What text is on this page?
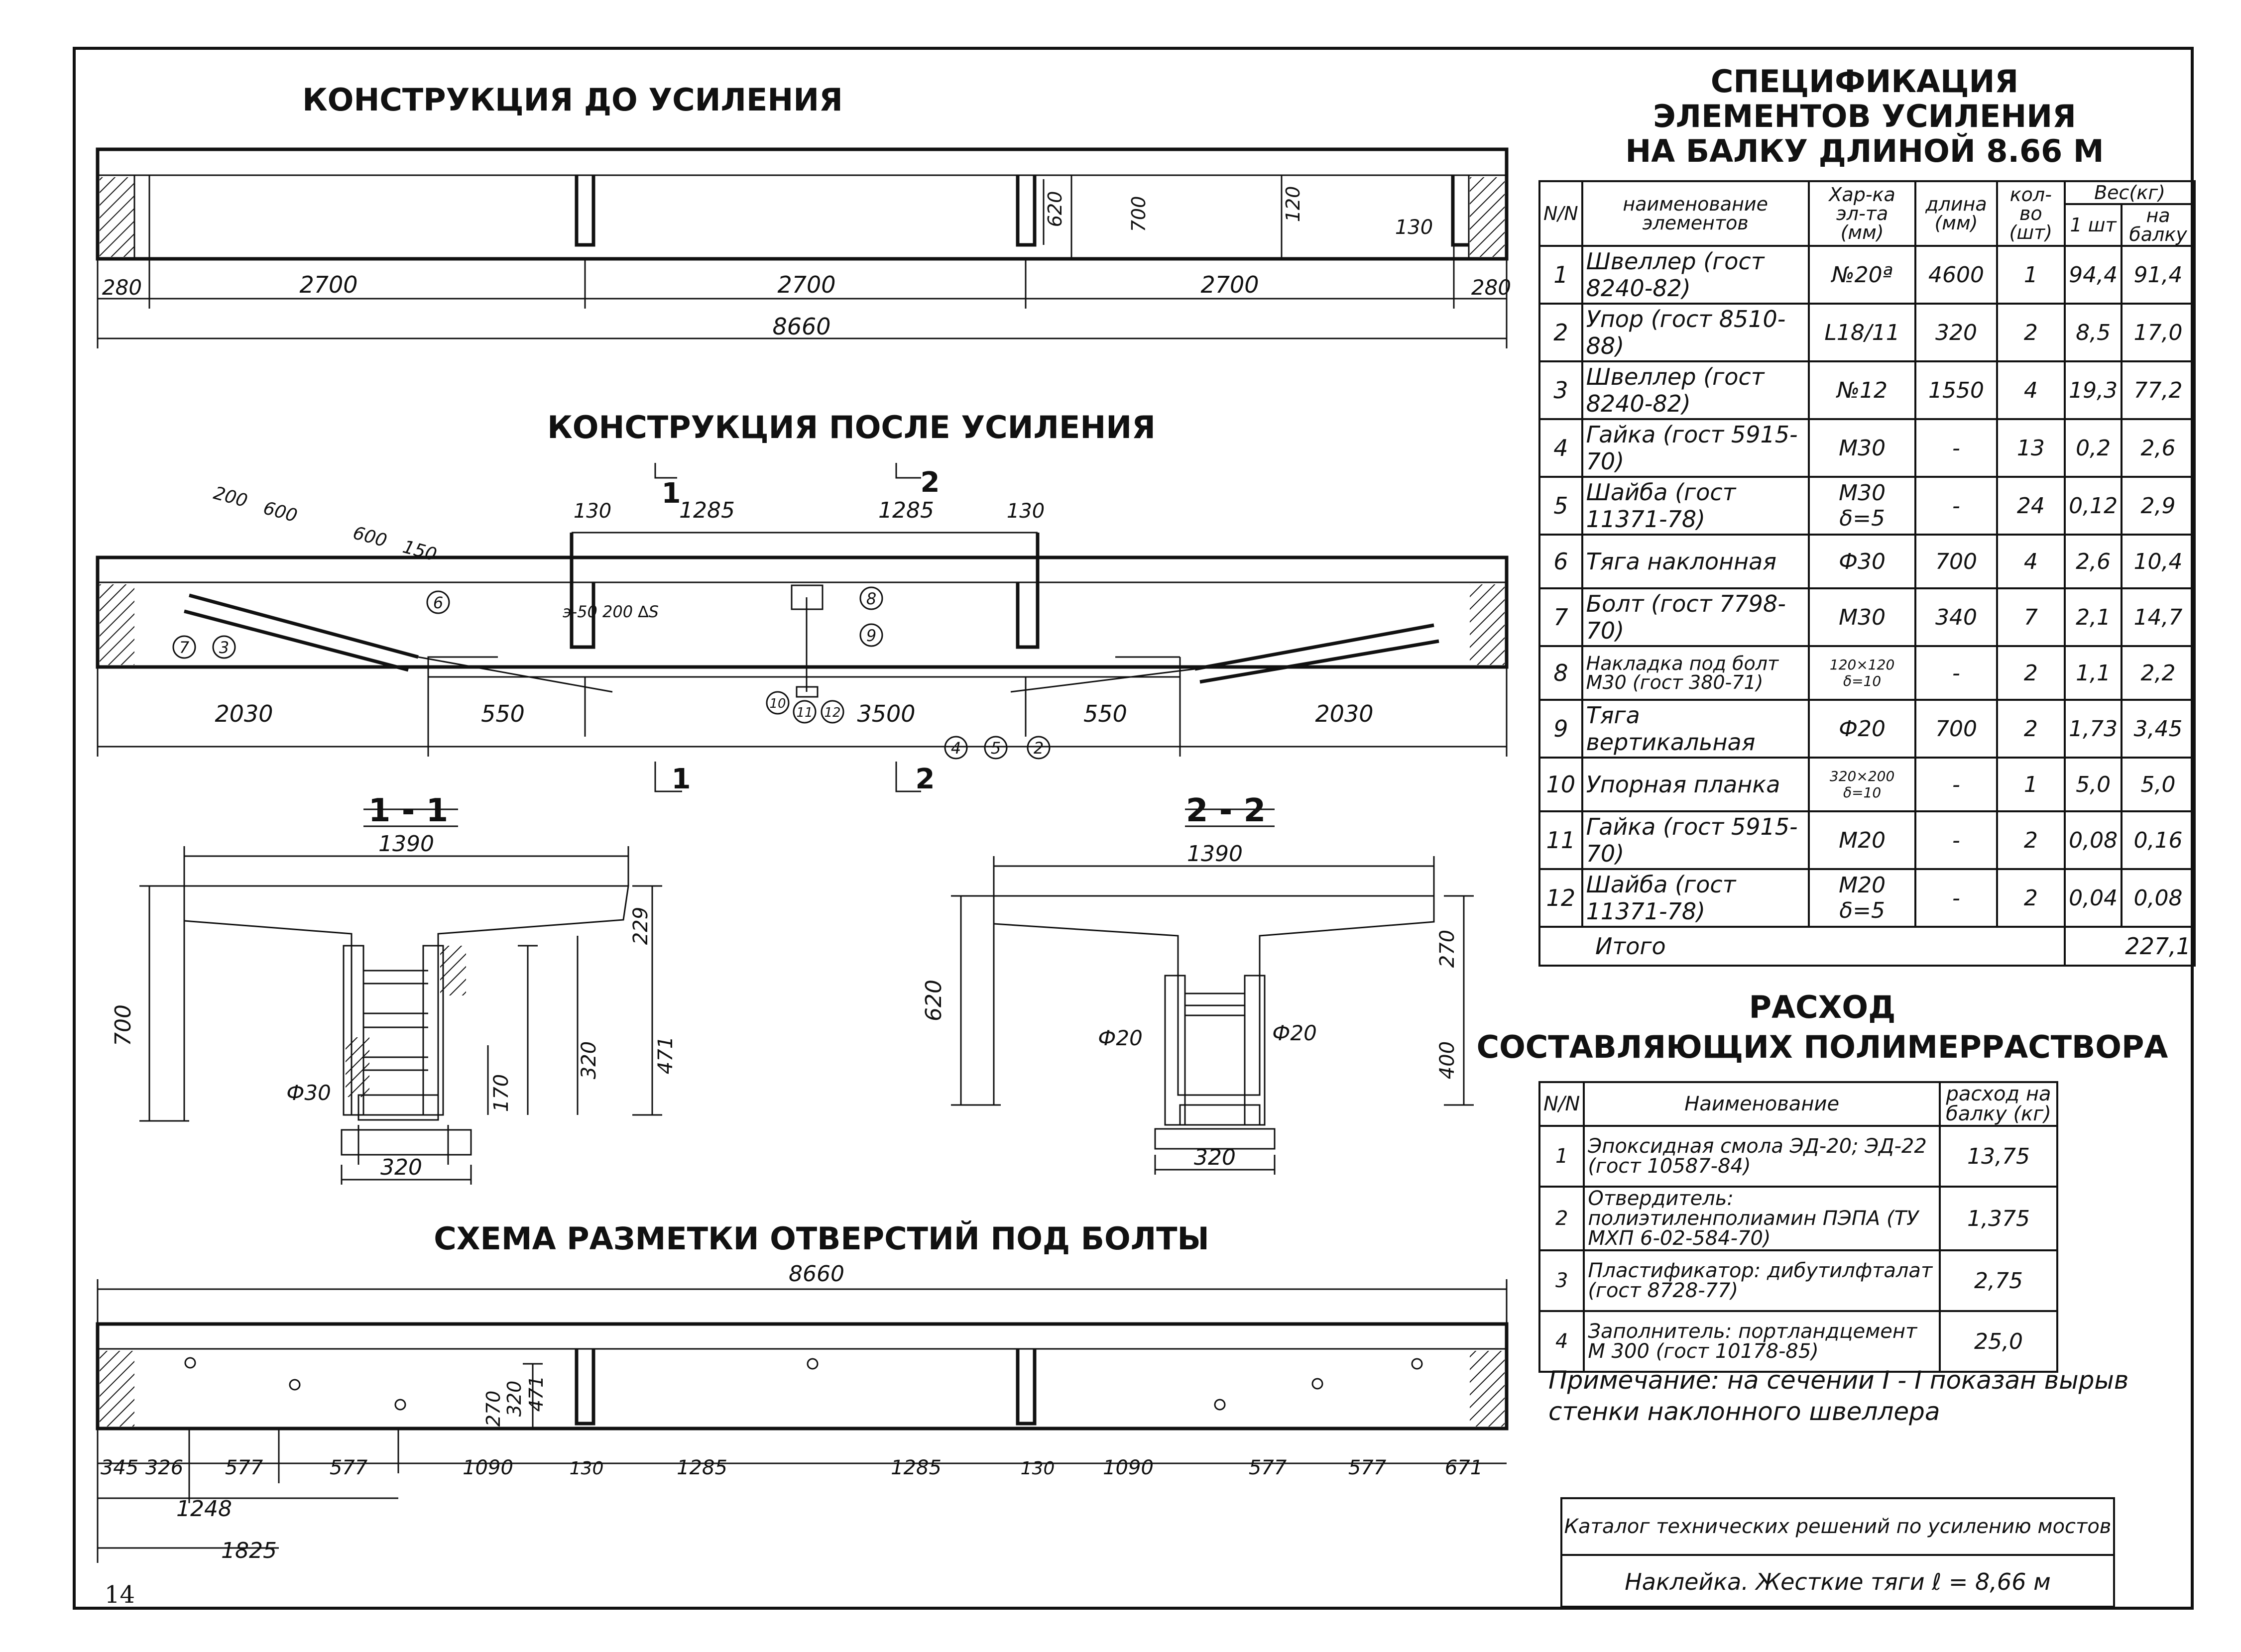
КОНСТРУКЦИЯ ДО УСИЛЕНИЯ
КОНСТРУКЦИЯ ПОСЛЕ УСИЛЕНИЯ
СХЕМА РАЗМЕТКИ ОТВЕРСТИЙ ПОД БОЛТЫ
СПЕЦИФИКАЦИЯ
ЭЛЕМЕНТОВ УСИЛЕНИЯ
НА БАЛКУ ДЛИНОЙ 8.66 М
РАСХОД
СОСТАВЛЯЮЩИХ ПОЛИМЕРРАСТВОРА
280	2700	2700	2700	280
8660
620	700	120
130
7 3
6	8
9
10
11 12
4 5 2
130	1285	1285	130
200
600
600 150
э-50 200 ∆S
2030	550	3500	550	2030
1	2
1	2
1 - 1
1390
700
229
471
320
170
Ф30
320
2 - 2
1390
620
270
400
Ф20	Ф20
320
8660
270
320 471
345 326 577	577	1090	130	1285	1285	130 1090	577	577	671
1248
1825
N/N	наименование элементов	Хар-ка эл-та (мм)	длина (мм)	кол-во (шт)	Вес(кг)	
					1 шт	на балку
1	Швеллер (гост 8240-82)	№20ª	4600	1	94,4	91,4
2	Упор (гост 8510-88)	L18/11	320	2	8,5	17,0
3	Швеллер (гост 8240-82)	№12	1550	4	19,3	77,2
4	Гайка (гост 5915-70)	М30	-	13	0,2	2,6
5	Шайба (гост 11371-78)	М30 δ=5	-	24	0,12	2,9
6	Тяга наклонная	Ф30	700	4	2,6	10,4
7	Болт (гост 7798-70)	М30	340	7	2,1	14,7
8	Накладка под болт М30 (гост 380-71)	120×120 δ=10	-	2	1,1	2,2
9	Тяга вертикальная	Ф20	700	2	1,73	3,45
10	Упорная планка	320×200 δ=10	-	1	5,0	5,0
11	Гайка (гост 5915-70)	М20	-	2	0,08	0,16
12	Шайба (гост 11371-78)	М20 δ=5	-	2	0,04	0,08
Итого					227,1	
N/N	Наименование	расход на балку (кг)
1	Эпоксидная смола ЭД-20; ЭД-22 (гост 10587-84)	13,75
2	Отвердитель: полиэтиленполиамин ПЭПА (ТУ МХП 6-02-584-70)	1,375
3	Пластификатор: дибутилфталат (гост 8728-77)	2,75
4	Заполнитель: портландцемент М 300 (гост 10178-85)	25,0
Примечание: на сечении I - I показан вырыв стенки наклонного швеллера
Каталог технических решений по усилению мостов
Наклейка. Жесткие тяги ℓ = 8,66 м
14
